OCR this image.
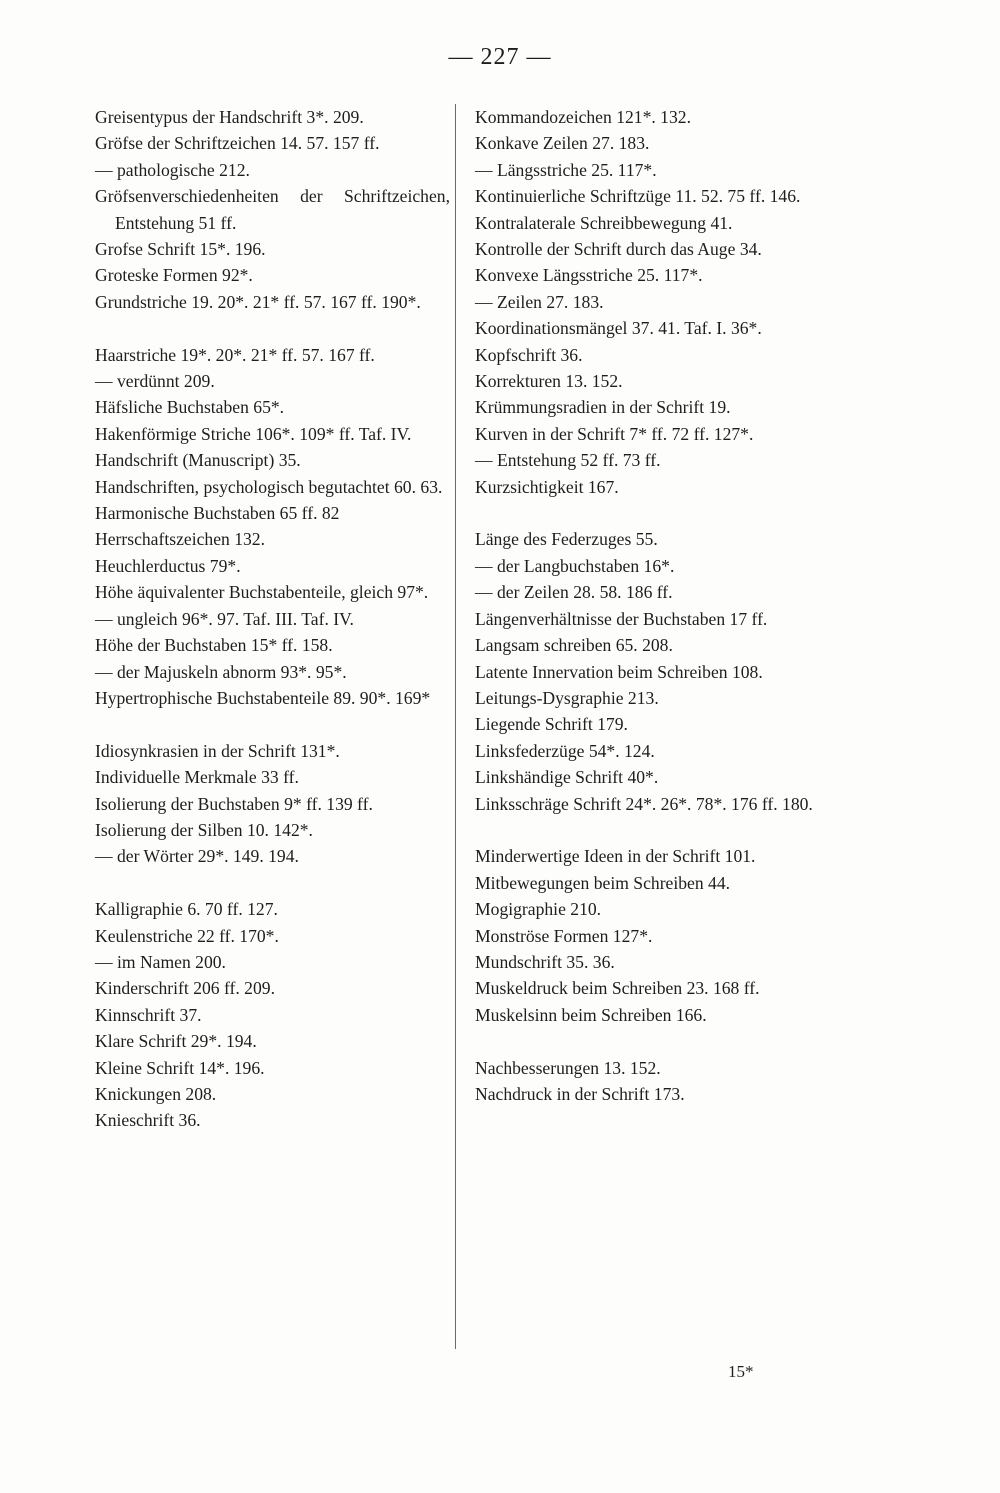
— 227 —
Greisentypus der Handschrift 3*. 209.
Gröfse der Schriftzeichen 14. 57. 157 ff.
— pathologische 212.
Gröfsenverschiedenheiten der Schriftzeichen, Entstehung 51 ff.
Grofse Schrift 15*. 196.
Groteske Formen 92*.
Grundstriche 19. 20*. 21* ff. 57. 167 ff. 190*.
Haarstriche 19*. 20*. 21* ff. 57. 167 ff.
— verdünnt 209.
Häfsliche Buchstaben 65*.
Hakenförmige Striche 106*. 109* ff. Taf. IV.
Handschrift (Manuscript) 35.
Handschriften, psychologisch begutachtet 60. 63.
Harmonische Buchstaben 65 ff. 82
Herrschaftszeichen 132.
Heuchlerductus 79*.
Höhe äquivalenter Buchstabenteile, gleich 97*.
— ungleich 96*. 97. Taf. III. Taf. IV.
Höhe der Buchstaben 15* ff. 158.
— der Majuskeln abnorm 93*. 95*.
Hypertrophische Buchstabenteile 89. 90*. 169*
Idiosynkrasien in der Schrift 131*.
Individuelle Merkmale 33 ff.
Isolierung der Buchstaben 9* ff. 139 ff.
Isolierung der Silben 10. 142*.
— der Wörter 29*. 149. 194.
Kalligraphie 6. 70 ff. 127.
Keulenstriche 22 ff. 170*.
— im Namen 200.
Kinderschrift 206 ff. 209.
Kinnschrift 37.
Klare Schrift 29*. 194.
Kleine Schrift 14*. 196.
Knickungen 208.
Knieschrift 36.
Kommandozeichen 121*. 132.
Konkave Zeilen 27. 183.
— Längsstriche 25. 117*.
Kontinuierliche Schriftzüge 11. 52. 75 ff. 146.
Kontralaterale Schreibbewegung 41.
Kontrolle der Schrift durch das Auge 34.
Konvexe Längsstriche 25. 117*.
— Zeilen 27. 183.
Koordinationsmängel 37. 41. Taf. I. 36*.
Kopfschrift 36.
Korrekturen 13. 152.
Krümmungsradien in der Schrift 19.
Kurven in der Schrift 7* ff. 72 ff. 127*.
— Entstehung 52 ff. 73 ff.
Kurzsichtigkeit 167.
Länge des Federzuges 55.
— der Langbuchstaben 16*.
— der Zeilen 28. 58. 186 ff.
Längenverhältnisse der Buchstaben 17 ff.
Langsam schreiben 65. 208.
Latente Innervation beim Schreiben 108.
Leitungs-Dysgraphie 213.
Liegende Schrift 179.
Linksfederzüge 54*. 124.
Linkshändige Schrift 40*.
Linksschräge Schrift 24*. 26*. 78*. 176 ff. 180.
Minderwertige Ideen in der Schrift 101.
Mitbewegungen beim Schreiben 44.
Mogigraphie 210.
Monströse Formen 127*.
Mundschrift 35. 36.
Muskeldruck beim Schreiben 23. 168 ff.
Muskelsinn beim Schreiben 166.
Nachbesserungen 13. 152.
Nachdruck in der Schrift 173.
15*
